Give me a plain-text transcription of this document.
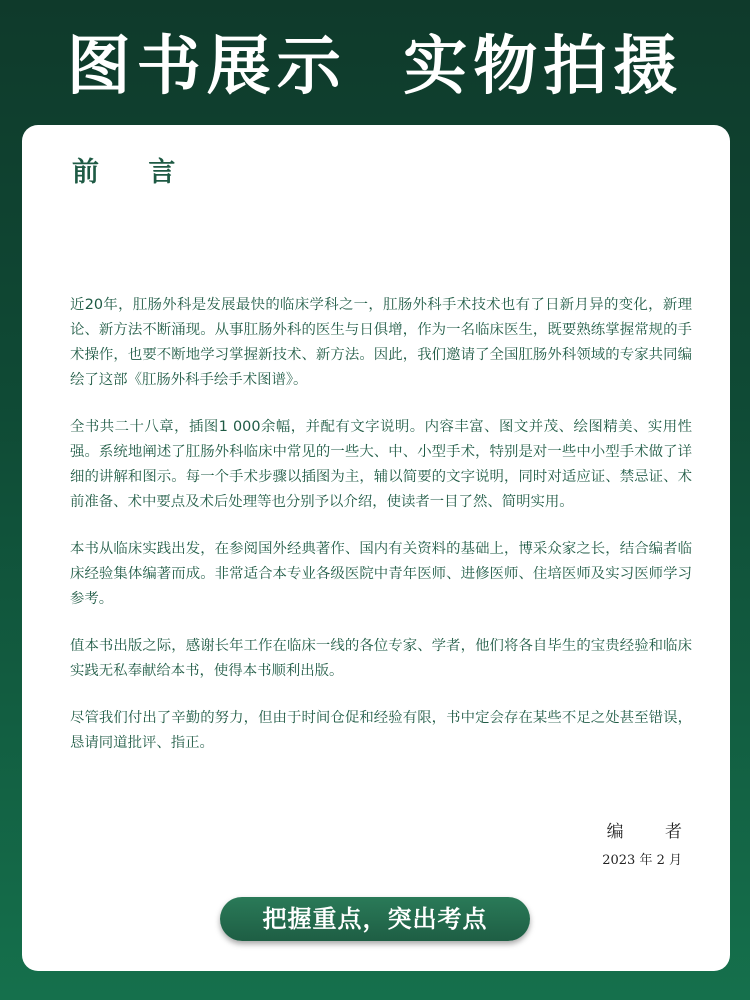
图书展示  实物拍摄
前 言

近20年，肛肠外科是发展最快的临床学科之一，肛肠外科手术技术也有了日新月异的变化，新理论、新方法不断涌现。从事肛肠外科的医生与日俱增，作为一名临床医生，既要熟练掌握常规的手术操作，也要不断地学习掌握新技术、新方法。因此，我们邀请了全国肛肠外科领域的专家共同编绘了这部《肛肠外科手绘手术图谱》。

全书共二十八章，插图1 000余幅，并配有文字说明。内容丰富、图文并茂、绘图精美、实用性强。系统地阐述了肛肠外科临床中常见的一些大、中、小型手术，特别是对一些中小型手术做了详细的讲解和图示。每一个手术步骤以插图为主，辅以简要的文字说明，同时对适应证、禁忌证、术前准备、术中要点及术后处理等也分别予以介绍，使读者一目了然、简明实用。

本书从临床实践出发，在参阅国外经典著作、国内有关资料的基础上，博采众家之长，结合编者临床经验集体编著而成。非常适合本专业各级医院中青年医师、进修医师、住培医师及实习医师学习参考。

值本书出版之际，感谢长年工作在临床一线的各位专家、学者，他们将各自毕生的宝贵经验和临床实践无私奉献给本书，使得本书顺利出版。

尽管我们付出了辛勤的努力，但由于时间仓促和经验有限，书中定会存在某些不足之处甚至错误，恳请同道批评、指正。

编 者
2023 年 2 月
把握重点，突出考点
